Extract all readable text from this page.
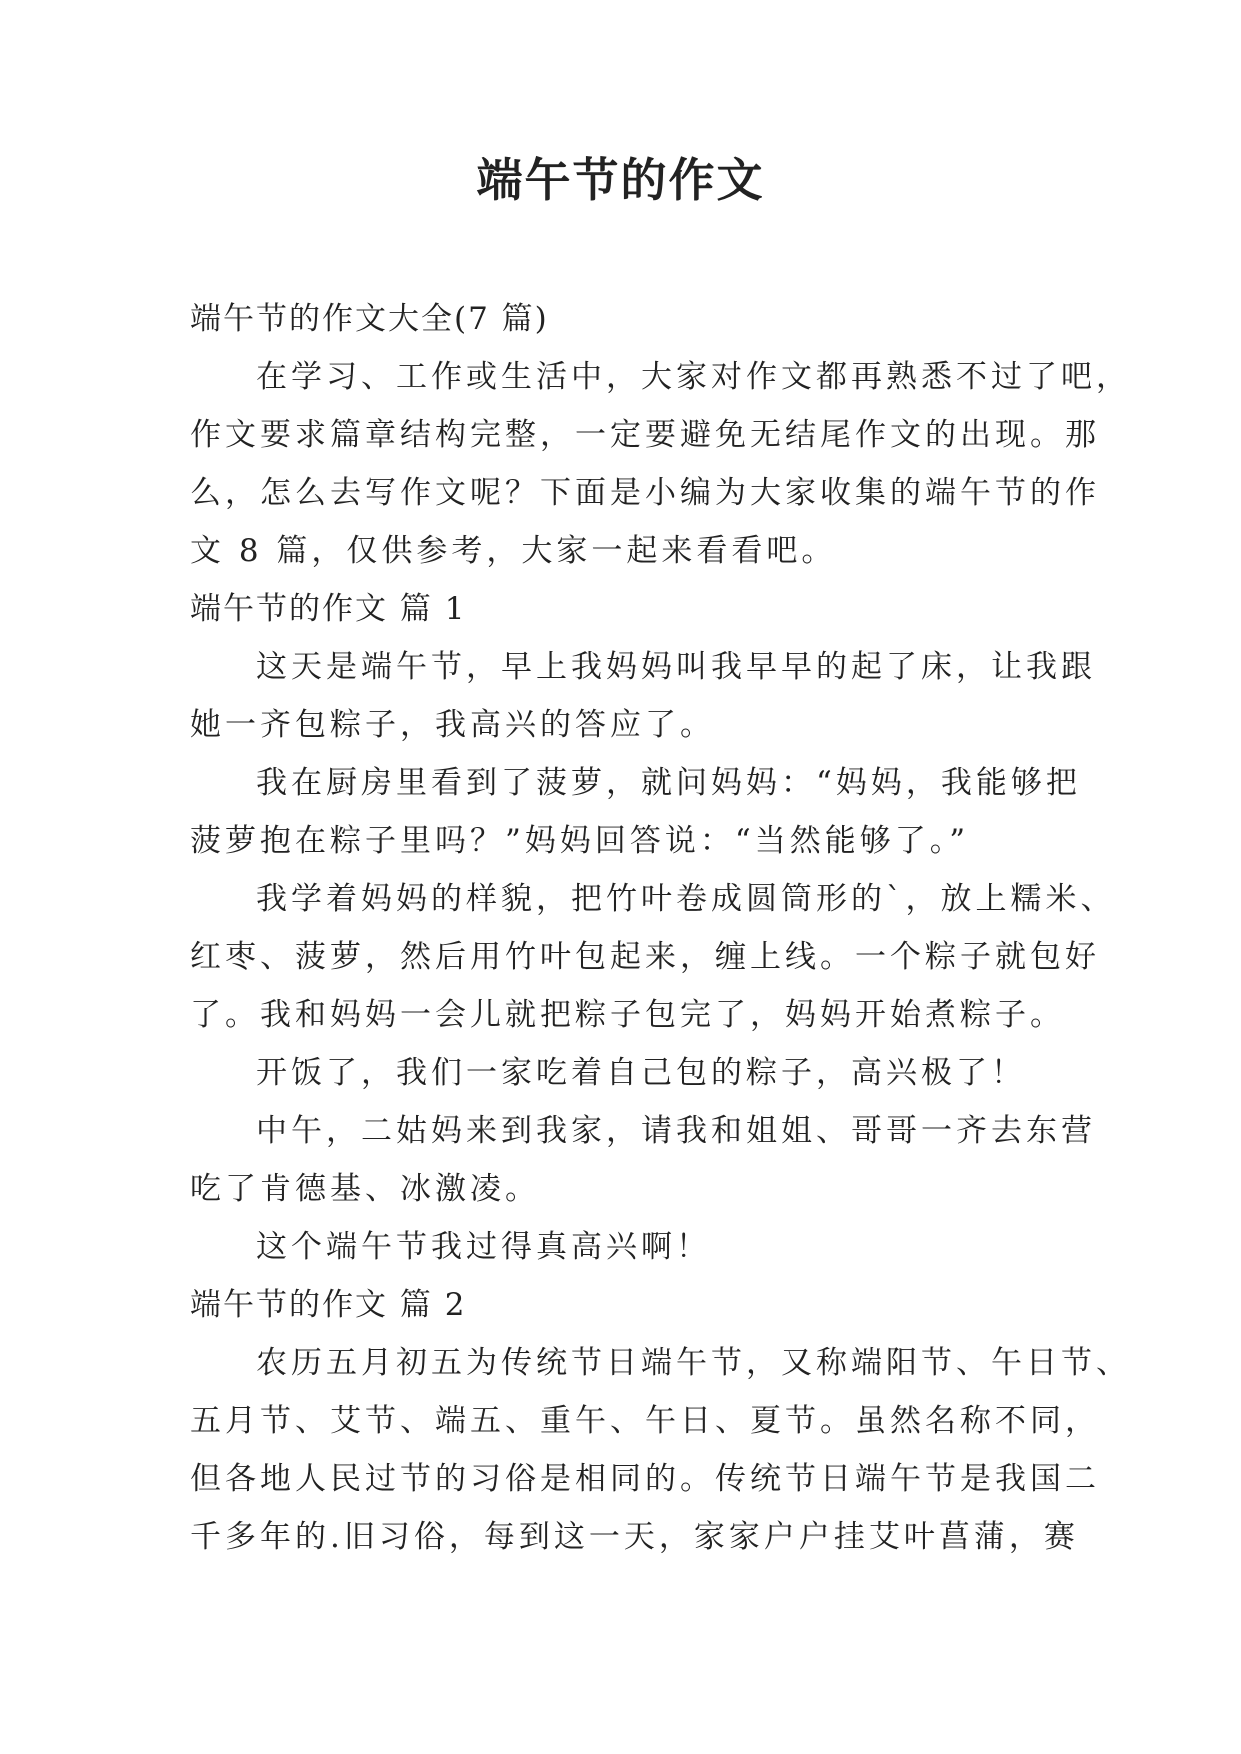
端午节的作文
端午节的作文大全(7 篇)
在学习、工作或生活中，大家对作文都再熟悉不过了吧，
作文要求篇章结构完整，一定要避免无结尾作文的出现。那
么，怎么去写作文呢？下面是小编为大家收集的端午节的作
文 8 篇，仅供参考，大家一起来看看吧。
端午节的作文 篇 1
这天是端午节，早上我妈妈叫我早早的起了床，让我跟
她一齐包粽子，我高兴的答应了。
我在厨房里看到了菠萝，就问妈妈：“妈妈，我能够把
菠萝抱在粽子里吗？”妈妈回答说：“当然能够了。”
我学着妈妈的样貌，把竹叶卷成圆筒形的`，放上糯米、
红枣、菠萝，然后用竹叶包起来，缠上线。一个粽子就包好
了。我和妈妈一会儿就把粽子包完了，妈妈开始煮粽子。
开饭了，我们一家吃着自己包的粽子，高兴极了！
中午，二姑妈来到我家，请我和姐姐、哥哥一齐去东营
吃了肯德基、冰激凌。
这个端午节我过得真高兴啊！
端午节的作文 篇 2
农历五月初五为传统节日端午节，又称端阳节、午日节、
五月节、艾节、端五、重午、午日、夏节。虽然名称不同，
但各地人民过节的习俗是相同的。传统节日端午节是我国二
千多年的.旧习俗，每到这一天，家家户户挂艾叶菖蒲，赛
